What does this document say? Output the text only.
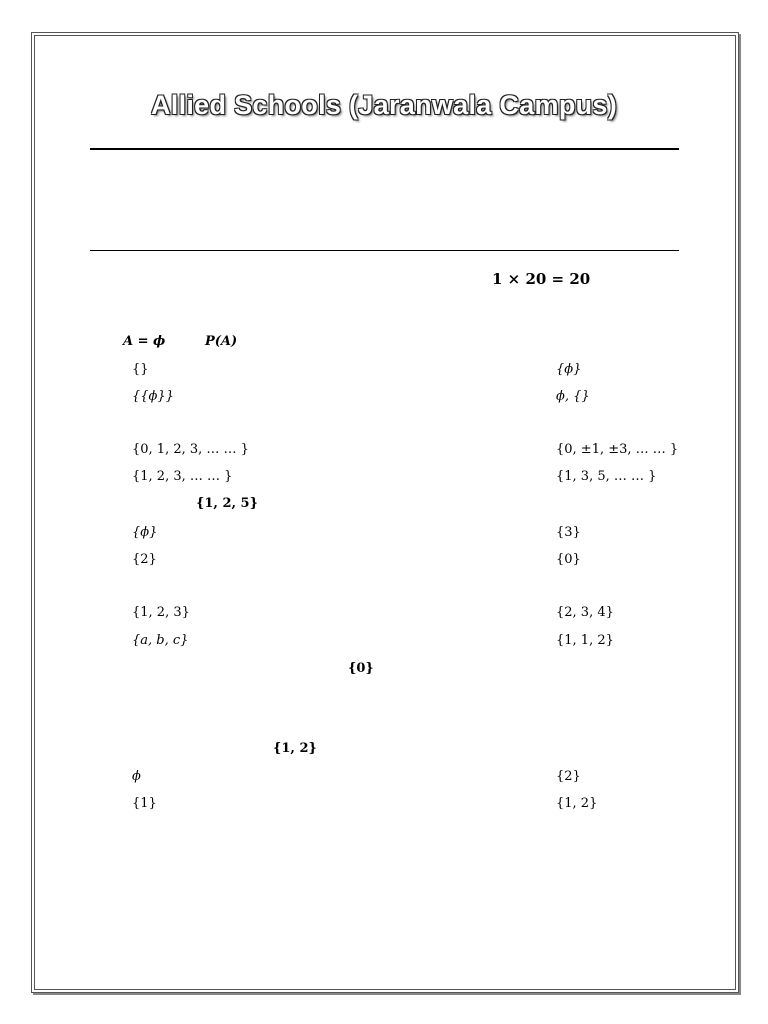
Allied Schools (Jaranwala Campus)
1 × 20 = 20
A = ϕ	P(A)
{}	{ϕ}
{{ϕ}}	ϕ, {}
{0, 1, 2, 3, … … }	{0, ±1, ±3, … … }
{1, 2, 3, … … }	{1, 3, 5, … … }
{1, 2, 5}
{ϕ}	{3}
{2}	{0}
{1, 2, 3}	{2, 3, 4}
{a, b, c}	{1, 1, 2}
{0}
{1, 2}
ϕ	{2}
{1}	{1, 2}
